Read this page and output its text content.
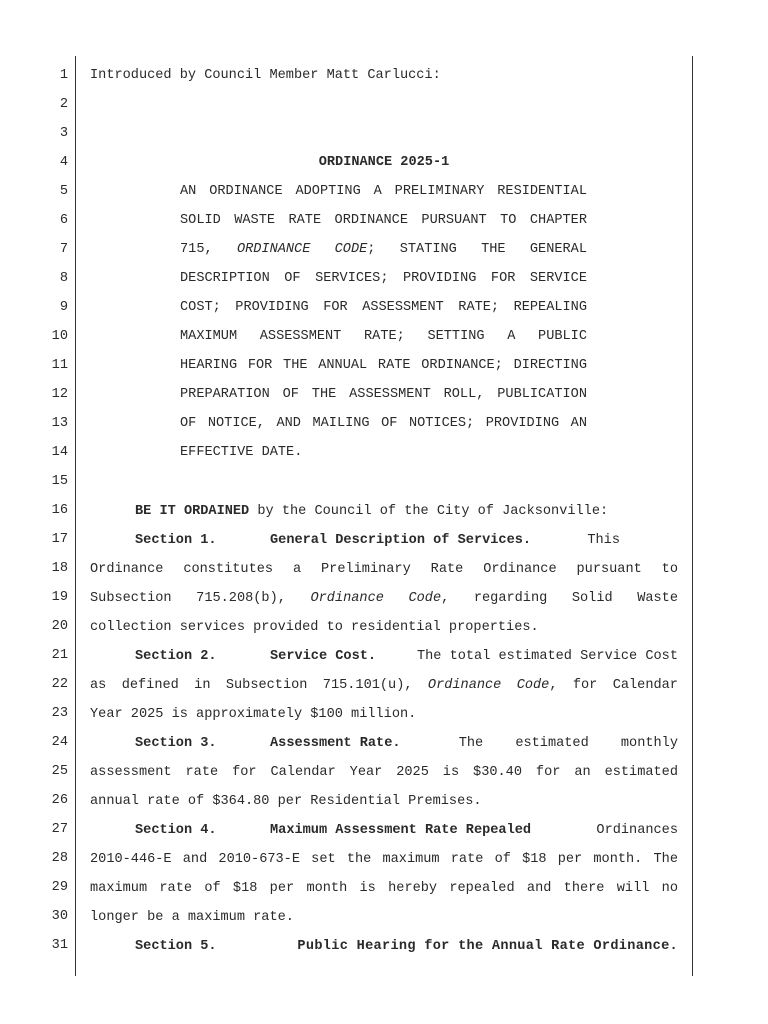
1
2
3
4
5
6
7
8
9
10
11
12
13
14
15
16
17
18
19
20
21
22
23
24
25
26
27
28
29
30
31
Introduced by Council Member Matt Carlucci:
ORDINANCE 2025-1
AN ORDINANCE ADOPTING A PRELIMINARY RESIDENTIAL
SOLID WASTE RATE ORDINANCE PURSUANT TO CHAPTER
715, ORDINANCE CODE; STATING THE GENERAL
DESCRIPTION OF SERVICES; PROVIDING FOR SERVICE
COST; PROVIDING FOR ASSESSMENT RATE; REPEALING
MAXIMUM ASSESSMENT RATE; SETTING A PUBLIC
HEARING FOR THE ANNUAL RATE ORDINANCE; DIRECTING
PREPARATION OF THE ASSESSMENT ROLL, PUBLICATION
OF NOTICE, AND MAILING OF NOTICES; PROVIDING AN
EFFECTIVE DATE.
BE IT ORDAINED by the Council of the City of Jacksonville:
Section 1.	General Description of Services.	This
Ordinance constitutes a Preliminary Rate Ordinance pursuant to
Subsection 715.208(b), Ordinance Code, regarding Solid Waste
collection services provided to residential properties.
Section 2.	Service Cost.	The total estimated Service Cost
as defined in Subsection 715.101(u), Ordinance Code, for Calendar
Year 2025 is approximately $100 million.
Section 3.	Assessment Rate.	The estimated monthly
assessment rate for Calendar Year 2025 is $30.40 for an estimated
annual rate of $364.80 per Residential Premises.
Section 4.	Maximum Assessment Rate Repealed	Ordinances
2010-446-E and 2010-673-E set the maximum rate of $18 per month. The
maximum rate of $18 per month is hereby repealed and there will no
longer be a maximum rate.
Section 5.	Public Hearing for the Annual Rate Ordinance.
